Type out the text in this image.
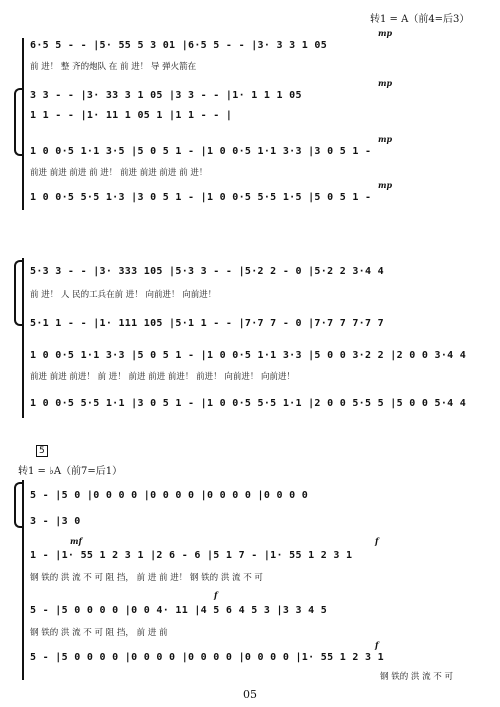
转1 = A（前4=后3）
mp
6·5 5 - - |5· 55 5 3 01 |6·5 5 - - |3· 3 3 1 05
前 进！ 整 齐的炮队 在 前 进！ 导 弹火箭在
mp
3 3 - - |3· 33 3 1 05 |3 3 - - |1· 1 1 1 05
1 1 - - |1· 11 1 05 1 |1 1 - - |
mp
1 0 0·5 1·1 3·5 |5 0 5 1 - |1 0 0·5 1·1 3·3 |3 0 5 1 -
前进 前进 前进 前 进！ 前进 前进 前进 前 进！
mp
1 0 0·5 5·5 1·3 |3 0 5 1 - |1 0 0·5 5·5 1·5 |5 0 5 1 -
5·3 3 - - |3· 333 105 |5·3 3 - - |5·2 2 - 0 |5·2 2 3·4 4
前 进！ 人 民的工兵在前 进！ 向前进！ 向前进！
5·1 1 - - |1· 111 105 |5·1 1 - - |7·7 7 - 0 |7·7 7 7·7 7
1 0 0·5 1·1 3·3 |5 0 5 1 - |1 0 0·5 1·1 3·3 |5 0 0 3·2 2 |2 0 0 3·4 4
前进 前进 前进！ 前 进！ 前进 前进 前进！ 前进！ 向前进！ 向前进！
1 0 0·5 5·5 1·1 |3 0 5 1 - |1 0 0·5 5·5 1·1 |2 0 0 5·5 5 |5 0 0 5·4 4
5
转1 = ♭A（前7=后1）
5 - |5 0 |0 0 0 0 |0 0 0 0 |0 0 0 0 |0 0 0 0
3 - |3 0
mf	f
1 - |1· 55 1 2 3 1 |2 6 - 6 |5 1 7 - |1· 55 1 2 3 1
钢 铁的 洪 流 不 可 阻 挡， 前 进 前 进！ 钢 铁的 洪 流 不 可
f
5 - |5 0 0 0 0 |0 0 4· 11 |4 5 6 4 5 3 |3 3 4 5
钢 铁的 洪 流 不 可 阻 挡， 前 进 前
f
5 - |5 0 0 0 0 |0 0 0 0 |0 0 0 0 |0 0 0 0 |1· 55 1 2 3 1
钢 铁的 洪 流 不 可
05
